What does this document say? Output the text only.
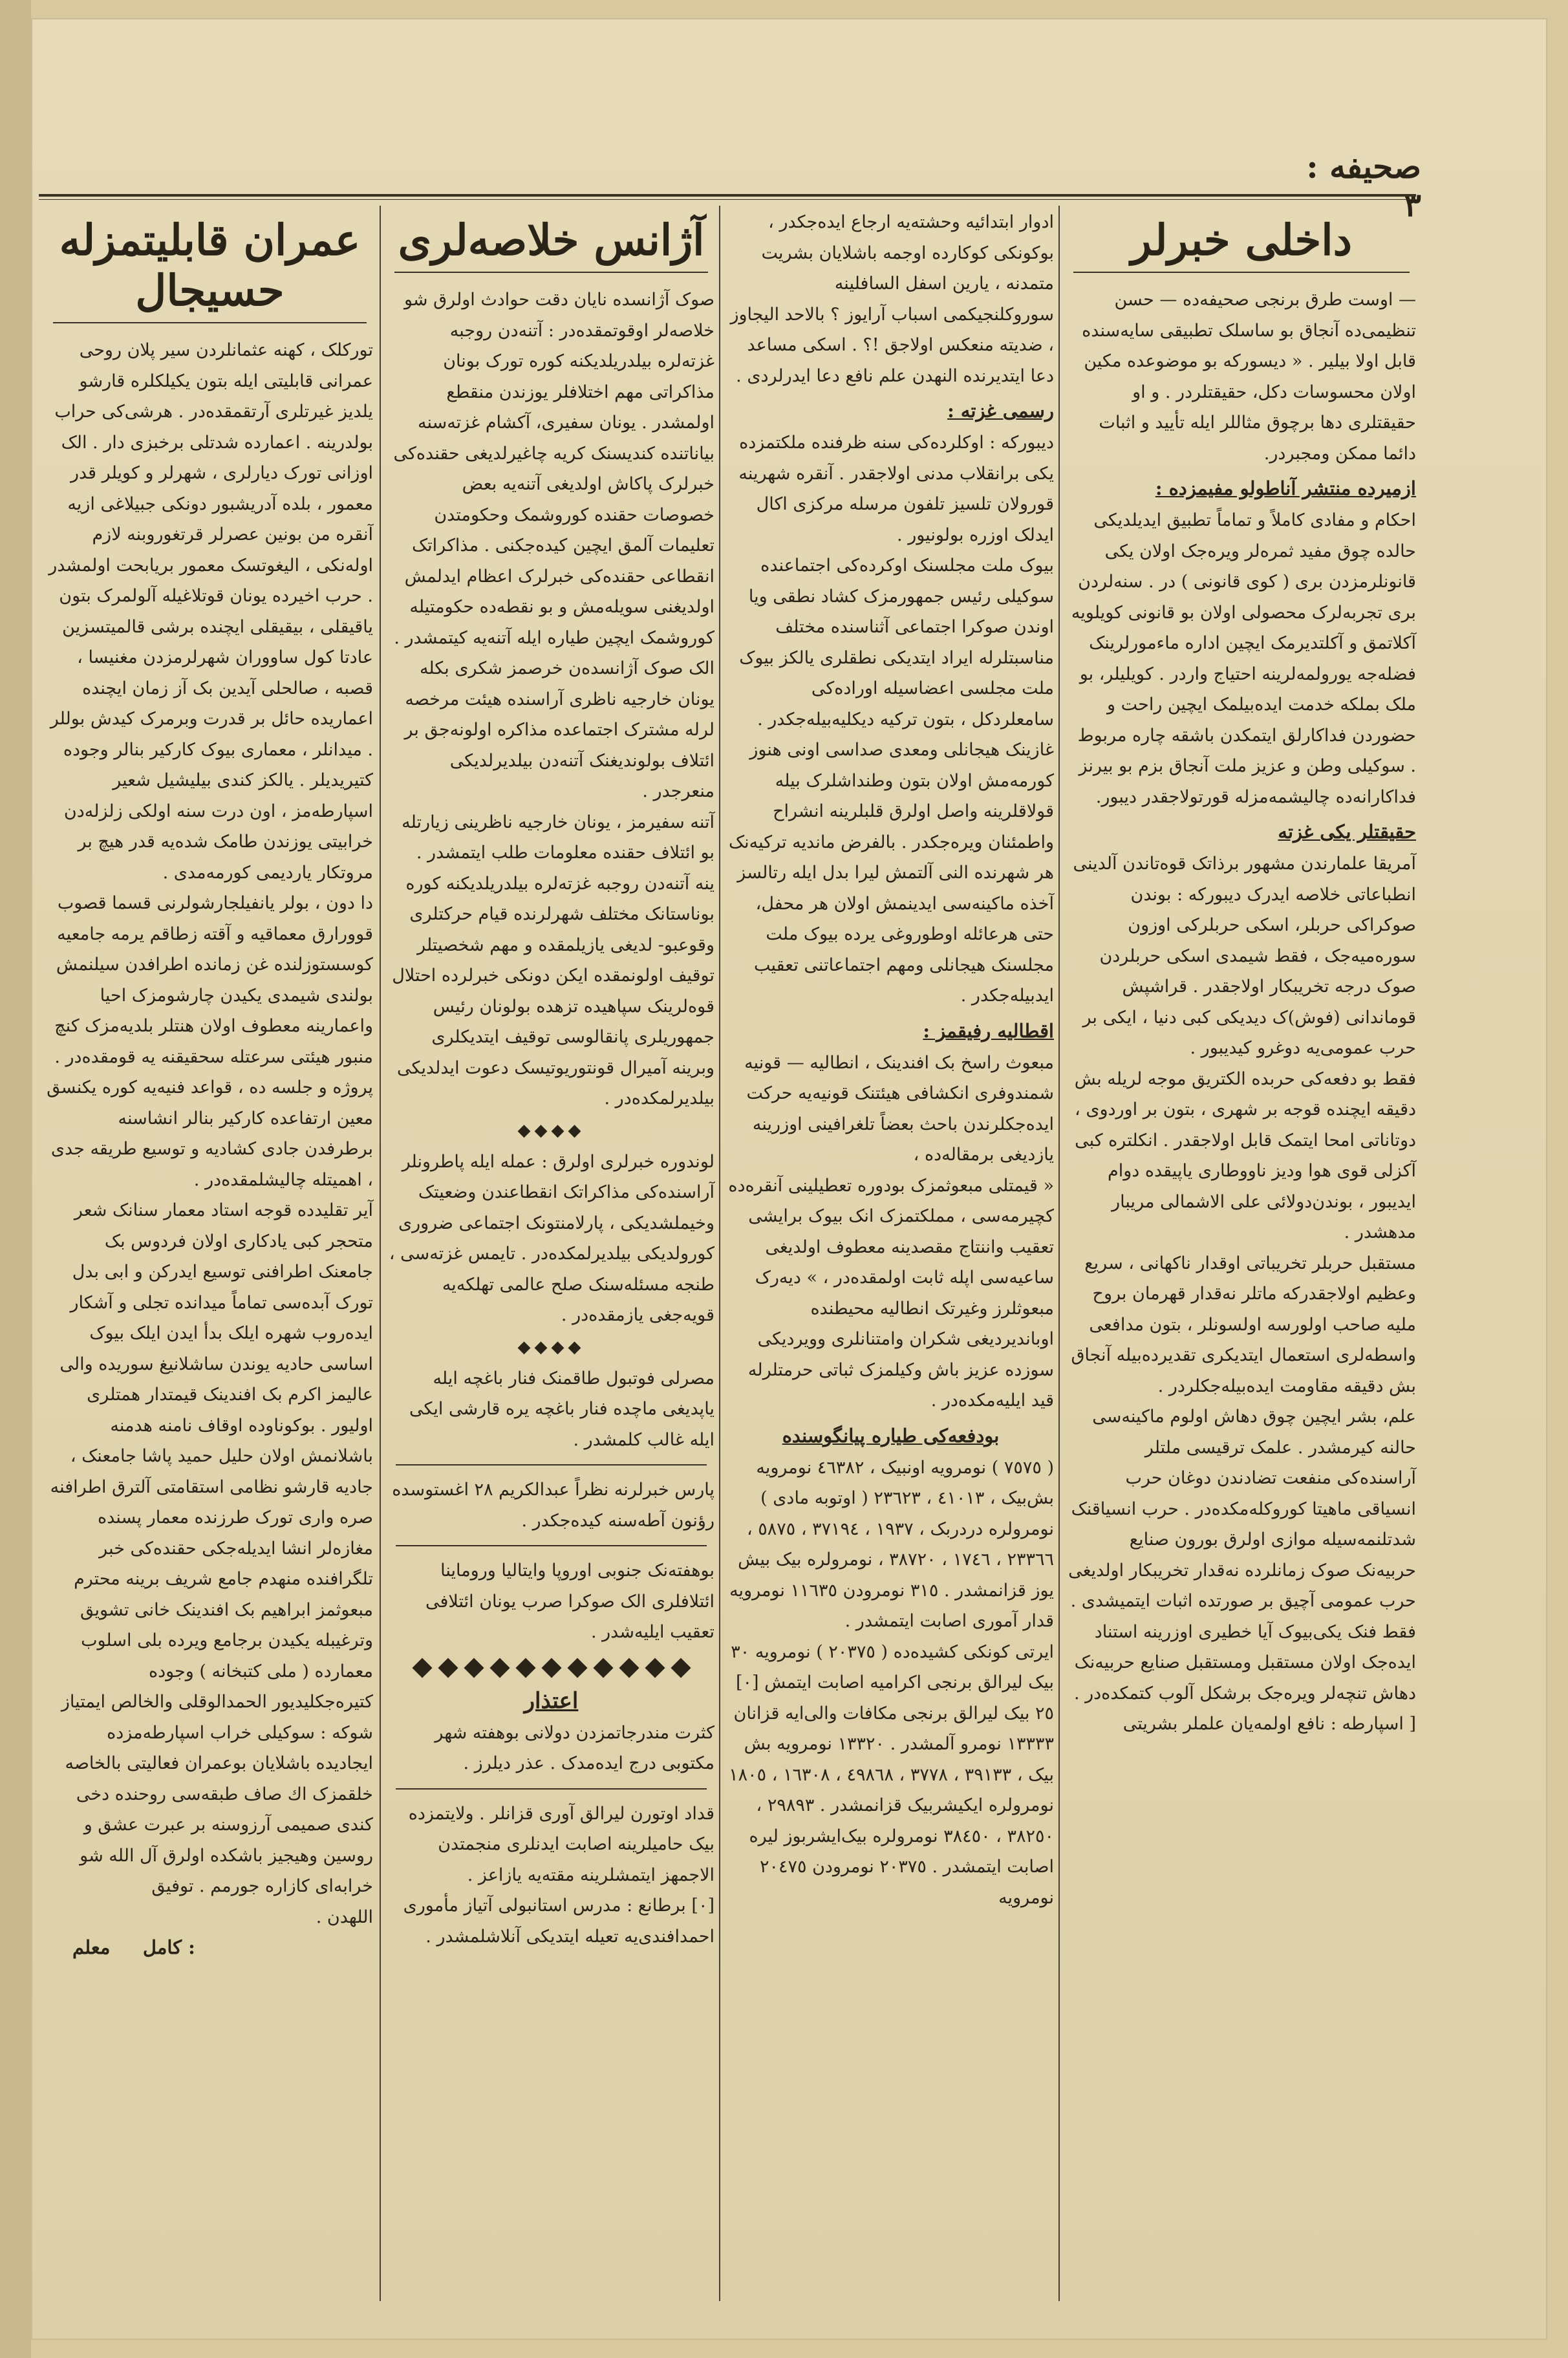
صحیفه : ٣
داخلی خبرلر

— اوست طرق برنجی صحیفه‌ده — حسن تنظیمی‌ده آنجاق بو ساسلک تطبیقی سایه‌سنده قابل اولا بیلیر . « دیسورکه بو موضوعده مکین اولان محسوسات دکل، حقیقتلردر . و او حقیقتلری دها برچوق مثاللر ایله تأیید و اثبات دائما ممکن ومجبردر.

ازمیرده منتشر آناطولو مفیمزده :

احکام و مفادی کاملاً و تماماً تطبیق ایدیلدیکی حالده چوق مفید ثمره‌لر ویره‌جک اولان یکی قانونلرمزدن بری ( کوی قانونی ) در . سنه‌لردن بری تجربه‌لرک محصولی اولان بو قانونی کویلویه آکلاتمق و آکلتدیرمک ایچین اداره ماءمورلرینک فضله‌جه یورولمه‌لرینه احتیاج واردر . کویلیلر، بو ملک بملکه خدمت ایده‌بیلمک ایچین راحت و حضوردن فداکارلق ایتمکدن باشقه چاره مربوط . سوکیلی وطن و عزیز ملت آنجاق بزم بو بیرنز فداکارانه‌ده چالیشمه‌مزله قورتولاجقدر دیبور.

حقیقتلر یکی غزته

آمریقا علمارندن مشهور برذاتک قوه‌تاندن آلدینی انطباعاتی خلاصه ایدرک دیبورکه : بوندن صوکراکی حربلر، اسکی حربلرکی اوزون سوره‌میه‌جک ، فقط شیمدی اسکی حربلردن صوک درجه‌ تخریبکار اولاجقدر . قراشپش قوماندانی (فوش)ک دیدیکی کبی دنیا ، ایکی بر حرب عمومی‌یه دوغرو کیدیبور .

فقط بو دفعه‌کی حربده الکتریق موجه‌ لریله بش دقیقه ایچنده قوجه بر شهری ، بتون بر اوردوی ، دوتاناتی امحا ایتمک قابل اولاجقدر . انکلتره کبی آکزلی قوی هوا ودیز ناووطاری یاپیقده دوام ایدیبور ، بوندن‌دولائی علی الاشمالی مریبار مدهشدر .

مستقبل حربلر تخریباتی اوقدار ناکهانی ، سریع وعظیم اولاجقدرکه ماتلر نه‌قدار قهرمان بروح ملیه صاحب اولورسه اولسونلر ، بتون مدافعی واسطه‌لری استعمال ایتدیکری تقدیرده‌بیله آنجاق بش دقیقه مقاومت ایده‌بیله‌جکلردر .

علم، بشر ایچین چوق دهاش اولوم ماکینه‌سی حالنه کیرمشدر . علمک ترقیسی ملتلر آراسنده‌کی منفعت تضادندن دوغان حرب انسیاقی ماهیتا کوروکله‌مکده‌در . حرب انسیاقنک شدتلنمه‌سیله موازی اولرق بورون صنایع حربیه‌نک صوک زمانلرده نه‌قدار تخریبکار اولدیغی حرب عمومی آچیق بر صورتده اثبات ایتمیشدی . فقط فنک یکی‌بیوک آیا خطیری اوزرینه استناد ایده‌جک اولان مستقبل ومستقبل صنایع حربیه‌نک دهاش تنچه‌لر ویره‌جک برشکل آلوب کتمکده‌در .

[ اسپارطه : نافع اولمه‌یان علملر بشریتی

ادوار ابتدائیه وحشته‌یه ارجاع ایده‌جکدر ، بوکونکی کوکارده اوجمه باشلایان بشریت متمدنه ، یارین اسفل‌ السافلینه سوروکلنجیکمی اسباب آرایوز ؟ بالاحد الیجاوز ، ضدیته منعکس اولاجق !؟ . اسکی مساعد دعا ایتدیرنده النهدن علم نافع دعا ایدرلردی .

رسمی غزته :

دیبورکه : اوکلرده‌کی سنه ظرفنده ملکتمزده یکی برانقلاب مدنی اولاجقدر . آنقره شهرینه قورولان تلسیز تلفون مرسله مرکزی اکال ایدلک اوزره بولونیور .

بیوک ملت مجلسنک اوکرده‌کی اجتماعنده سوکیلی رئیس جمهورمزک کشاد نطقی ویا اوندن صوکرا اجتماعی آثناسنده مختلف مناسبتلرله ایراد ایتدیکی نطقلری‌ یالکز بیوک ملت مجلسی اعضاسیله اوراده‌کی سامعلردکل ، بتون ترکیه دیکلیه‌بیله‌جکدر . غازینک هیجانلی ومعدی صداسی اونی هنوز کورمه‌مش اولان بتون وطنداشلرک بیله قولاقلرینه واصل اولرق قلبلرینه انشراح واطمئنان‌ ویره‌جکدر . بالفرض ماندیه‌ ترکیه‌نک هر شهرنده النی آلتمش لیرا بدل ایله رتالسز آخذه ماکینه‌سی ایدینمش اولان هر محفل، حتی هرعائله اوطوروغی یرده بیوک ملت مجلسنک هیجانلی ومهم اجتماعاتنی تعقیب ایدبیله‌جکدر .

اقطالیه رفیقمز :

مبعوث راسخ بک افندینک ، انطالیه — قونیه شمندوفری انکشافی هیئتنک قونیه‌یه حرکت ایده‌جکلرندن باحث بعضاً تلغرافینی اوزرینه یازدیغی برمقاله‌ده ،

« قیمتلی مبعوثمزک بودوره تعطیلینی آنقره‌ده کچیرمه‌سی ، مملکتمزک انک بیوک برایشی تعقیب واننتاج مقصدینه معطوف اولدیغی ساعیه‌سی اپله ثابت اولمقده‌در ، » دیه‌رک مبعوثلرز وغیرتک انطالیه محیطنده اوباندیردیغی شکران وامتنانلری وویردیکی سوزده عزیز باش وکیلمزک ثباتی حرمتلرله قید ایلیه‌مکده‌در .

بودفعه‌کی طیاره پیانگوسنده

( ٧٥٧٥ ) نومرویه اونبیک ، ٤٦٣٨٢ نومرویه بش‌بیک ، ٤١٠١٣ ، ٢٣٦٢٣ ( اوتوبه مادی ) نومرولره دردربک ، ١٩٣٧ ، ٣٧١٩٤ ، ٥٨٧٥ ، ٢٣٣٦٦ ، ١٧٤٦ ، ٣٨٧٢٠ ، نومرولره بیک بیش یوز قزانمشدر . ٣١٥ نومرودن ١١٦٣٥ نومرویه قدار آموری اصابت ایتمشدر .

ایرتی کونکی کشیده‌ده ( ٢٠٣٧٥ ) نومرویه ٣٠ بیک لیرالق برنجی اکرامیه اصابت ایتمش [٠] ٢٥ بیک لیرالق برنجی مکافات والی‌ایه قزانان ١٣٣٣٣ نومرو آلمشدر . ١٣٣٢٠ نومرویه بش بیک ، ٣٩١٣٣ ، ٣٧٧٨ ، ٤٩٨٦٨ ، ١٦٣٠٨ ، ١٨٠٥ نومرولره ایکیشربیک قزانمشدر . ٢٩٨٩٣ ، ٣٨٢٥٠ ، ٣٨٤٥٠ نومرولره بیک‌ایشربوز لیره اصابت ایتمشدر . ٢٠٣٧٥ نومرودن ٢٠٤٧٥ نومرویه

آژانس خلاصه‌لری

صوک آژانسده نایان دقت حوادث اولرق شو خلاصه‌لر اوقوتمقده‌در : آتنه‌دن روجبه غزته‌لره بیلدریلدیکنه کوره تورک بونان مذاکراتی مهم اختلافلر یوزندن منقطع اولمشدر . یونان سفیری، آکشام غزته‌سنه بیاناتنده کندیسنک کریه چاغیرلدیغی حقنده‌کی خبرلرک پاکاش اولدیغی آتنه‌یه بعض خصوصات حقنده کوروشمک وحکومتدن تعلیمات آلمق ایچین کیده‌جکنی . مذاکراتک انقطاعی حقنده‌کی خبرلرک اعظام ایدلمش اولدیغنی سویله‌مش و بو نقطه‌ده حکومتیله کوروشمک ایچین طیاره ایله آتنه‌یه کیتمشدر .

الک صوک آژانسده‌ن خرصمز شکری بکله یونان خارجیه ناظری آراسنده هیئت مرخصه لرله مشترک اجتماعده مذاکره اولونه‌جق بر ائتلاف بولوندیغنک آتنه‌دن بیلدیرلدیکی منعرجدر .

آتنه سفیرمز ، یونان خارجیه ناظرینی زیارتله بو ائتلاف حقنده معلومات طلب ایتمشدر .

ینه آتنه‌دن روجبه غزته‌لره بیلدریلدیکنه کوره بوناستانک مختلف شهرلرنده قیام حرکتلری وقوعبو- لدیغی یازیلمقده و مهم شخصیتلر توقیف اولونمقده ایکن دونکی خبرلرده احتلال قوه‌لرینک سپاهیده تزهده بولونان رئیس جمهوریلری پانقالوسی توقیف ایتدیکلری وبرینه آمیرال قونتوریوتیسک دعوت ایدلدیکی بیلدیرلمکده‌در .

◆◆◆◆

لوندوره خبرلری اولرق : عمله ایله پاطرونلر آراسنده‌کی مذاکراتک انقطاعندن وضعیتک وخیملشدیکی ، پارلامنتونک اجتماعی ضروری کورولدیکی بیلدیرلمکده‌در . تایمس غزته‌سی ، طنجه مسئله‌سنک صلح عالمی تهلکه‌یه قویه‌جغی یازمقده‌در .

◆◆◆◆

مصرلی فوتبول طاقمنک فنار باغچه ایله یاپدیغی ماچده فنار باغچه یره قارشی ایکی ایله غالب کلمشدر .

پارس خبرلرنه نظراً عبدالکریم ٢٨ اغستوسده رؤنون آطه‌سنه کیده‌جکدر .

بوهفته‌نک جنوبی اوروپا وایتالیا وروماینا ائتلافلری الک صوکرا صرب یونان ائتلافی تعقیب ایلیه‌شدر .

اعتذار

کثرت مندرجاتمزدن دولانی بوهفته شهر مکتوبی درج ایده‌مدک . عذر دیلرز .

قداد اوتورن لیرالق آوری قزانلر . ولایتمزده بیک حامیلرینه اصابت ایدنلری منجمتدن الاجمهز ایتمشلرینه مقته‌یه یازاعز .

[٠] برطانع : مدرس استانبولی آتیاز مأموری احمدافندی‌یه تعیله ایتدیکی آنلاشلمشدر .

عمران قابلیتمزله حسیجال

تورکلک ، کهنه عثمانلردن سیر پلان روحی عمرانی قابلیتی ایله بتون یکیلکلره قارشو یلدیز غیرتلری آرتقمقده‌در . هرشی‌کی حراب بولدرینه . اعمارده شدتلی برخبزی دار . الک اوزانی تورک دیارلری ، شهرلر و کویلر قدر معمور ، بلده آدریشبور دونکی جبیلاغی ازیه آنقره‌ من بونین عصرلر قرتغوروبنه لازم اوله‌نکی ، الیغوتسک معمور بریابحت اولمشدر . حرب اخیرده یونان قوتلاغیله آلولمرک بتون یاقیقلی ، بیقیقلی ایچنده برشی قالمیتسزین عادتا کول ساووران شهرلرمزدن مغنیسا ، قصبه ، صالحلی آیدین بک آز زمان ایچنده اعماریده حائل بر قدرت وبرمرک کیدش بوللر . میدانلر ، معماری بیوک کارکیر بنالر وجوده کتیریدیلر . یالکز کندی بیلیشیل شعیر اسپارطه‌مز ، اون درت سنه اولکی زلزله‌دن خرابیتی یوزندن طامک شده‌یه قدر هیچ بر مروتکار یاردیمی کورمه‌مدی .

دا دون ، بولر یانفیلجارشولرنی قسما قصوب قوورارق معماقیه و آقته زطاقم یرمه‌ جامعیه کوسستوزلنده غن زمانده اطرافدن سیلنمش بولندی شیمدی یکیدن چارشومزک احیا واعمارینه معطوف اولان هنتلر بلدیه‌مزک کنچ منبور هیئتی سرعتله سحقیقنه یه قومقده‌در .

پروژه و جلسه‌ ده ، قواعد فنیه‌یه کوره یکنسق معین ارتفاعده کارکیر بنالر انشاسنه برطرفدن جادی کشادیه و توسیع طریقه جدی ، اهمیتله چالیشلمقده‌در .

آیر تقلیدده قوجه استاد معمار سنانک شعر متحجر کبی یادکاری اولان فردوس بک جامعنک اطرافنی توسیع ایدرکن و ابی بدل تورک آبده‌سی تماماً میدانده تجلی و آشکار ایده‌روب شهره ایلک بدأ ایدن ایلک بیوک اساسی حادیه یوندن ساشلانیغ سوریده والی عالیمز اکرم بک افندینک قیمتدار همتلری اولیور . بوکوناوده اوقاف نامنه هدمنه باشلانمش اولان حلیل حمید پاشا جامعنک ، جادیه قارشو نظامی استقامتی آلترق اطرافنه صره واری تورک طرزنده معمار پسنده مغازه‌لر انشا ایدیله‌جکی حقنده‌کی خبر تلگرافنده منهدم جامع شریف برینه محترم مبعوثمز ابراهیم بک افندینک خانی تشویق وترغیبله یکیدن برجامع ویرده بلی اسلوب معمارده ( ملی کتبخانه ) وجوده کتیره‌جکلیدیور الحمدالوقلی والخالص ایمتیاز شوکه : سوکیلی خراب اسپارطه‌مزده ایجادیده باشلایان بوعمران فعالیتی بالخاصه خلقمزک اك صاف طبقه‌سی روحنده دخی کندی صمیمی آرزوسنه بر عبرت عشق و روسین وهیجیز باشکده اولرق آل الله شو خرابه‌ای کازاره جورمم . توفیق

اللهدن .

کامل     معلم :
